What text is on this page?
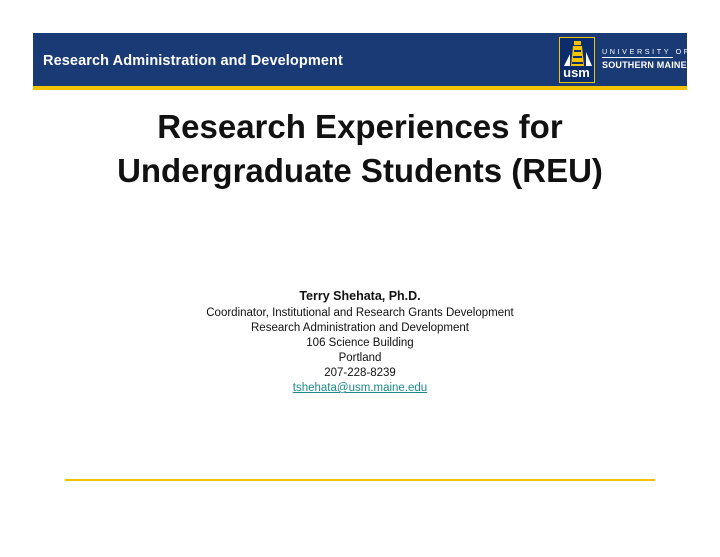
Research Administration and Development
usm
UNIVERSITY OF
SOUTHERN MAINE
Research Experiences for
Undergraduate Students (REU)
Terry Shehata, Ph.D.
Coordinator, Institutional and Research Grants Development
Research Administration and Development
106 Science Building
Portland
207-228-8239
tshehata@usm.maine.edu
